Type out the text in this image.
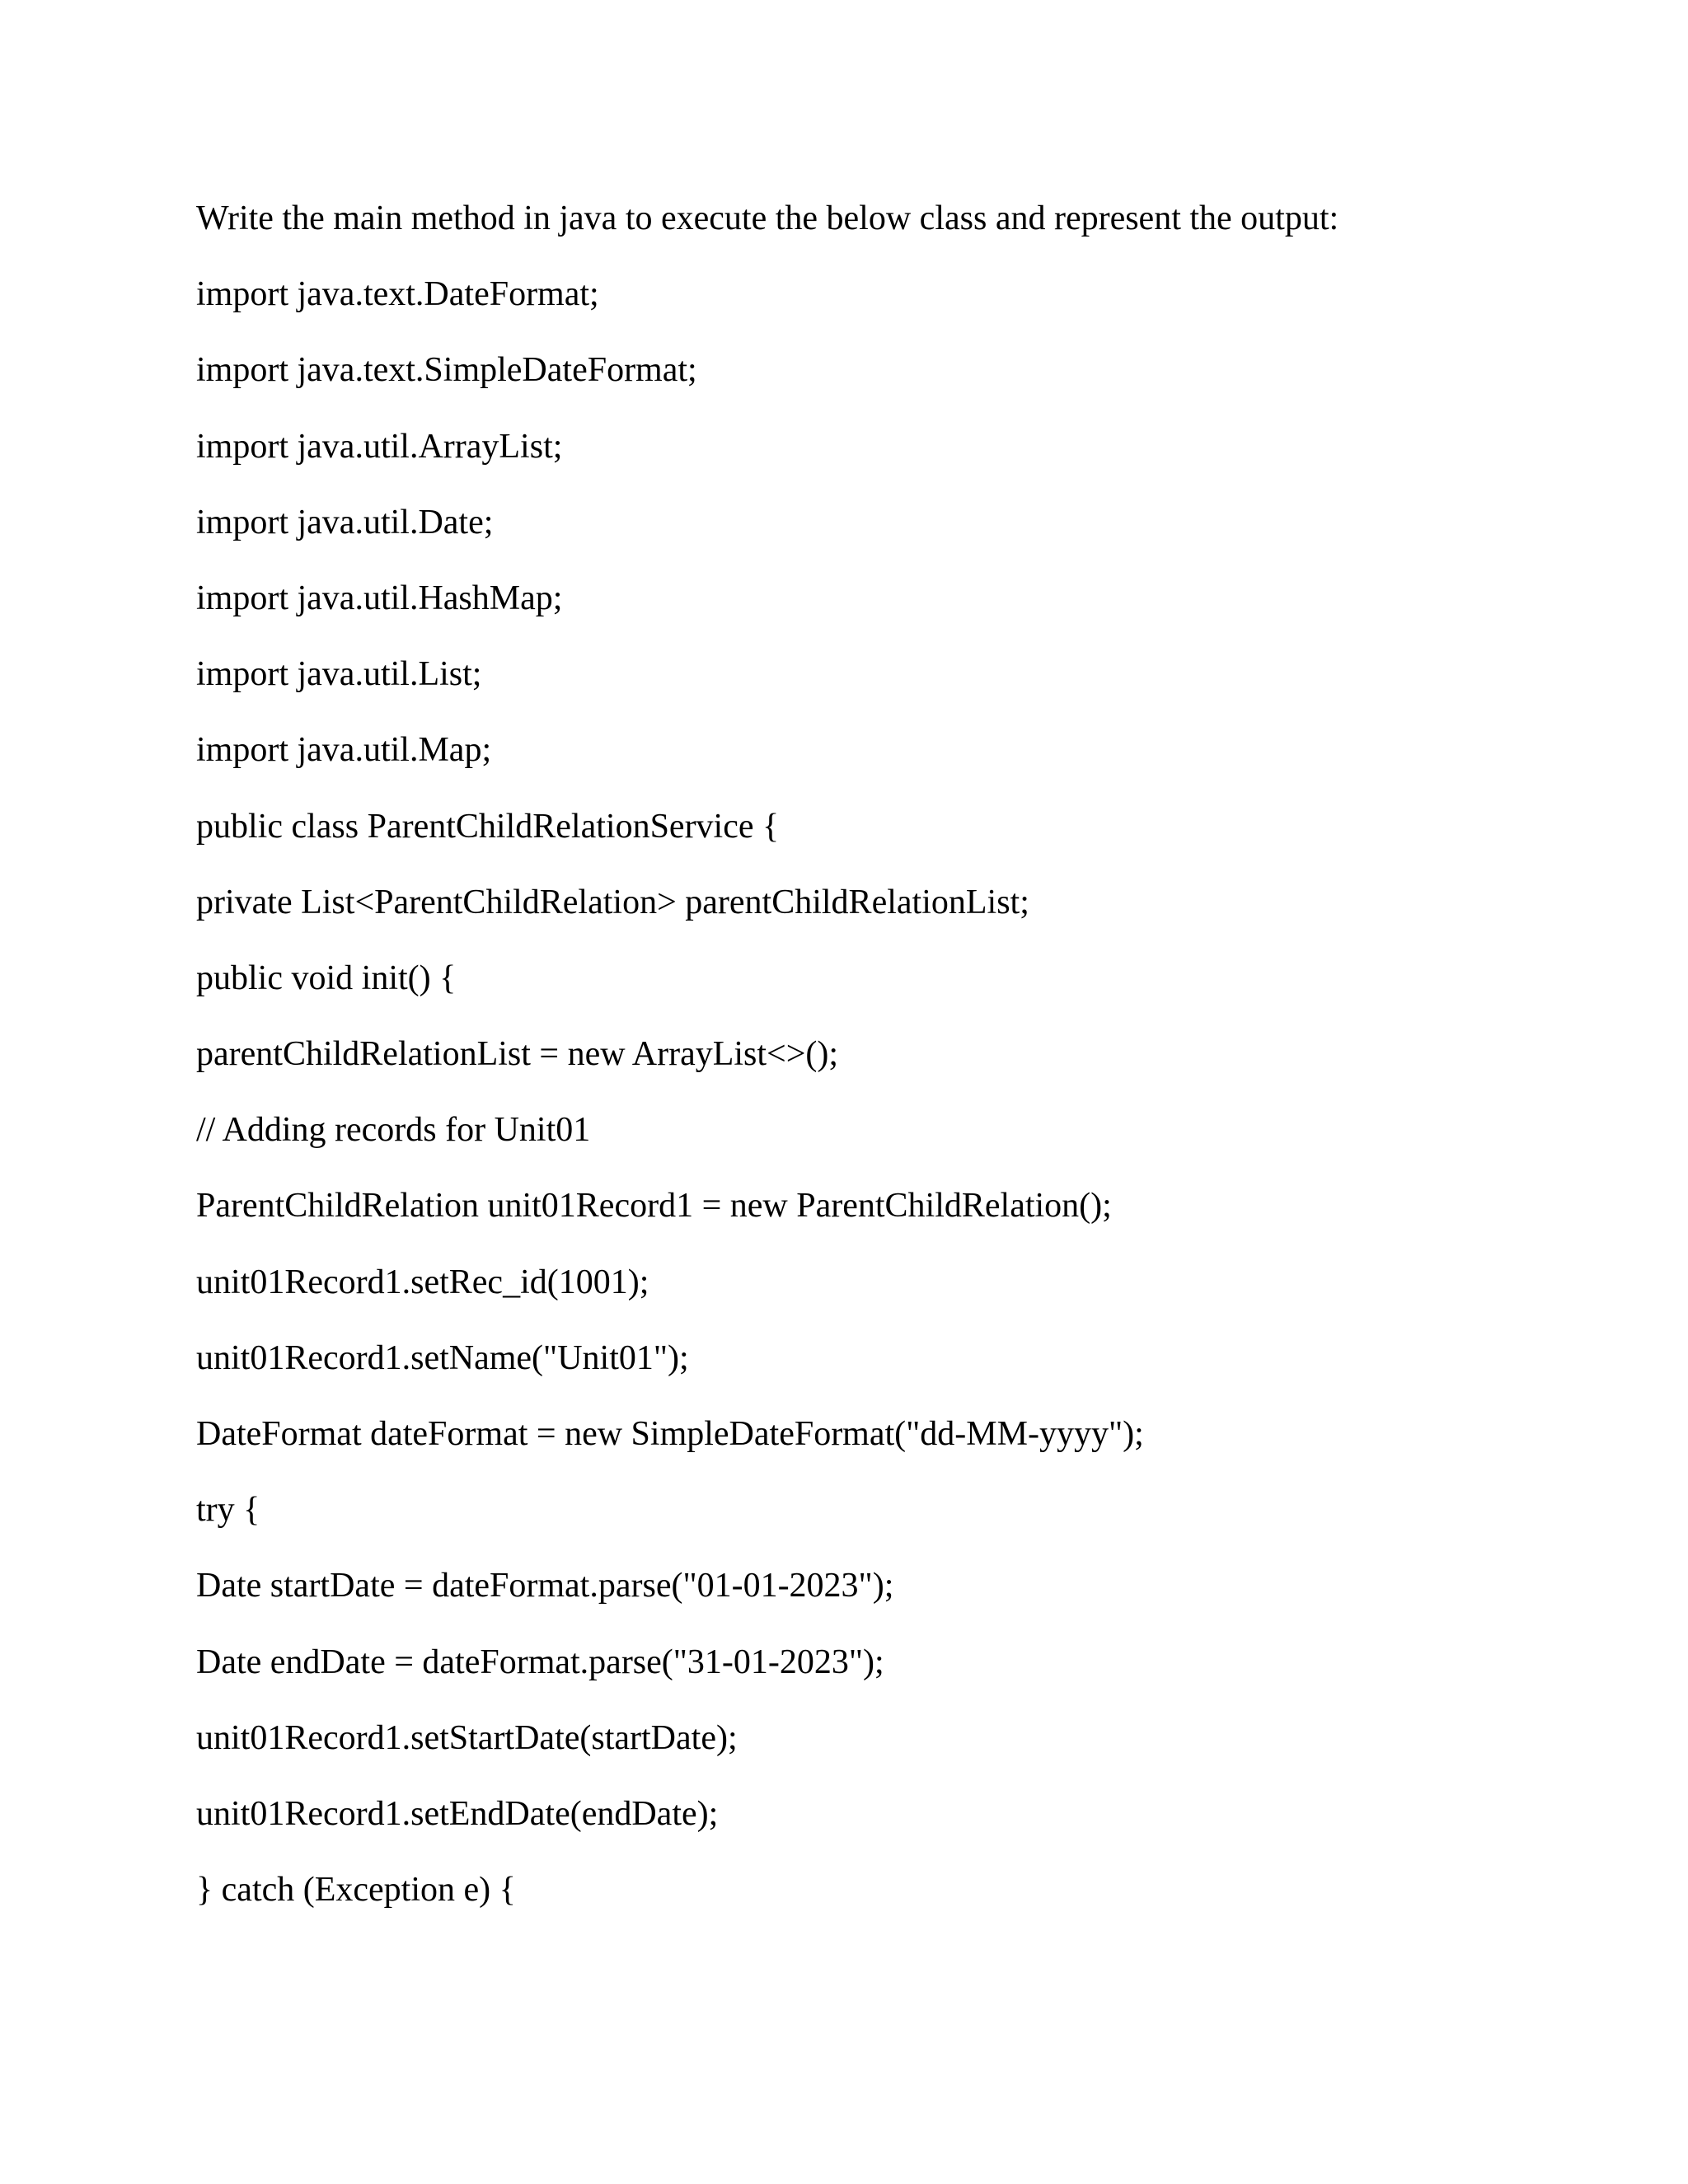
Write the main method in java to execute the below class and represent the output:
import java.text.DateFormat;
import java.text.SimpleDateFormat;
import java.util.ArrayList;
import java.util.Date;
import java.util.HashMap;
import java.util.List;
import java.util.Map;
public class ParentChildRelationService {
private List<ParentChildRelation> parentChildRelationList;
public void init() {
parentChildRelationList = new ArrayList<>();
// Adding records for Unit01
ParentChildRelation unit01Record1 = new ParentChildRelation();
unit01Record1.setRec_id(1001);
unit01Record1.setName("Unit01");
DateFormat dateFormat = new SimpleDateFormat("dd-MM-yyyy");
try {
Date startDate = dateFormat.parse("01-01-2023");
Date endDate = dateFormat.parse("31-01-2023");
unit01Record1.setStartDate(startDate);
unit01Record1.setEndDate(endDate);
} catch (Exception e) {
